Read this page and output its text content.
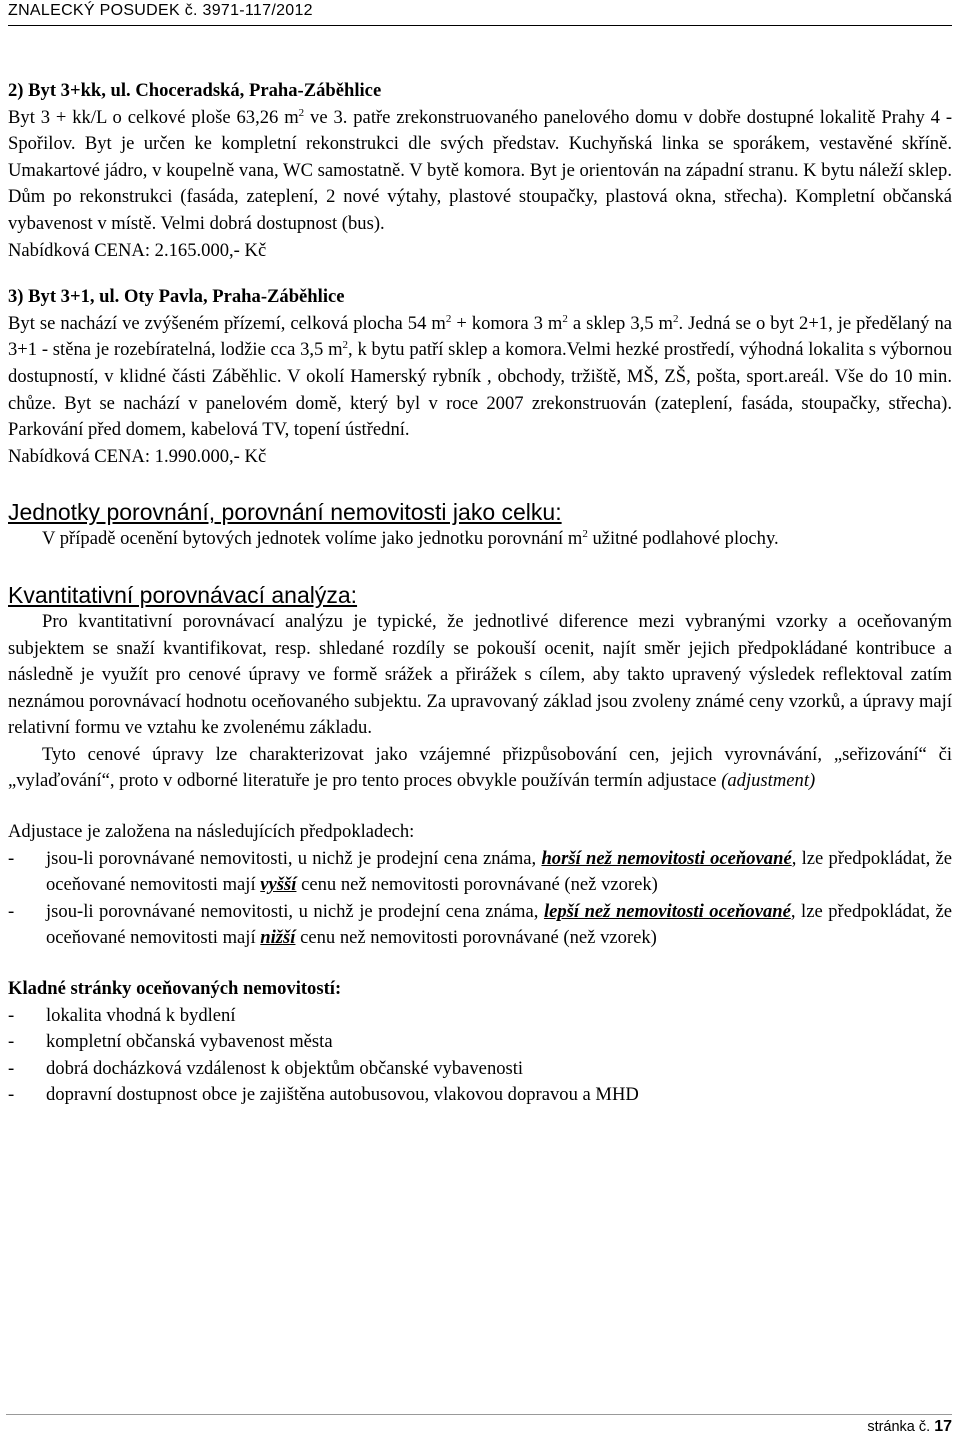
ZNALECKÝ POSUDEK č. 3971-117/2012

2) Byt 3+kk, ul. Choceradská, Praha-Záběhlice

Byt 3 + kk/L o celkové ploše 63,26 $m^2$ ve 3. patře zrekonstruovaného panelového domu v dobře dostupné lokalitě Prahy 4 - Spořilov. Byt je určen ke kompletní rekonstrukci dle svých představ. Kuchyňská linka se sporákem, vestavěné skříně. Umakartové jádro, v koupelně vana, WC samostatně. V bytě komora. Byt je orientován na západní stranu. K bytu náleží sklep. Dům po rekonstrukci (fasáda, zateplení, 2 nové výtahy, plastové stoupačky, plastová okna, střecha). Kompletní občanská vybavenost v místě. Velmi dobrá dostupnost (bus).

Nabídková CENA: 2.165.000,- Kč

3) Byt 3+1, ul. Oty Pavla, Praha-Záběhlice

Byt se nachází ve zvýšeném přízemí, celková plocha 54 $m^2$ + komora 3 $m^2$ a sklep 3,5 $m^2$. Jedná se o byt 2+1, je předělaný na 3+1 - stěna je rozebíratelná, lodžie cca 3,5 $m^2$, k bytu patří sklep a komora.Velmi hezké prostředí, výhodná lokalita s výbornou dostupností, v klidné části Záběhlic. V okolí Hamerský rybník , obchody, tržiště, MŠ, ZŠ, pošta, sport.areál. Vše do 10 min. chůze. Byt se nachází v panelovém domě, který byl v roce 2007 zrekonstruován (zateplení, fasáda, stoupačky, střecha). Parkování před domem, kabelová TV, topení ústřední.

Nabídková CENA: 1.990.000,- Kč

Jednotky porovnání, porovnání nemovitosti jako celku:

V případě ocenění bytových jednotek volíme jako jednotku porovnání $m^2$ užitné podlahové plochy.

Kvantitativní porovnávací analýza:

Pro kvantitativní porovnávací analýzu je typické, že jednotlivé diference mezi vybranými vzorky a oceňovaným subjektem se snaží kvantifikovat, resp. shledané rozdíly se pokouší ocenit, najít směr jejich předpokládané kontribuce a následně je využít pro cenové úpravy ve formě srážek a přirážek s cílem, aby takto upravený výsledek reflektoval zatím neznámou porovnávací hodnotu oceňovaného subjektu. Za upravovaný základ jsou zvoleny známé ceny vzorků, a úpravy mají relativní formu ve vztahu ke zvolenému základu.

Tyto cenové úpravy lze charakterizovat jako vzájemné přizpůsobování cen, jejich vyrovnávání, „seřizování“ či „vylaďování“, proto v odborné literatuře je pro tento proces obvykle používán termín adjustace (adjustment)

Adjustace je založena na následujících předpokladech:

-	jsou-li porovnávané nemovitosti, u nichž je prodejní cena známa, horší než nemovitosti oceňované, lze předpokládat, že oceňované nemovitosti mají vyšší cenu než nemovitosti porovnávané (než vzorek)
-	jsou-li porovnávané nemovitosti, u nichž je prodejní cena známa, lepší než nemovitosti oceňované, lze předpokládat, že oceňované nemovitosti mají nižší cenu než nemovitosti porovnávané (než vzorek)

Kladné stránky oceňovaných nemovitostí:

-	lokalita vhodná k bydlení
-	kompletní občanská vybavenost města
-	dobrá docházková vzdálenost k objektům občanské vybavenosti
-	dopravní dostupnost obce je zajištěna autobusovou, vlakovou dopravou a MHD
stránka č. 17
